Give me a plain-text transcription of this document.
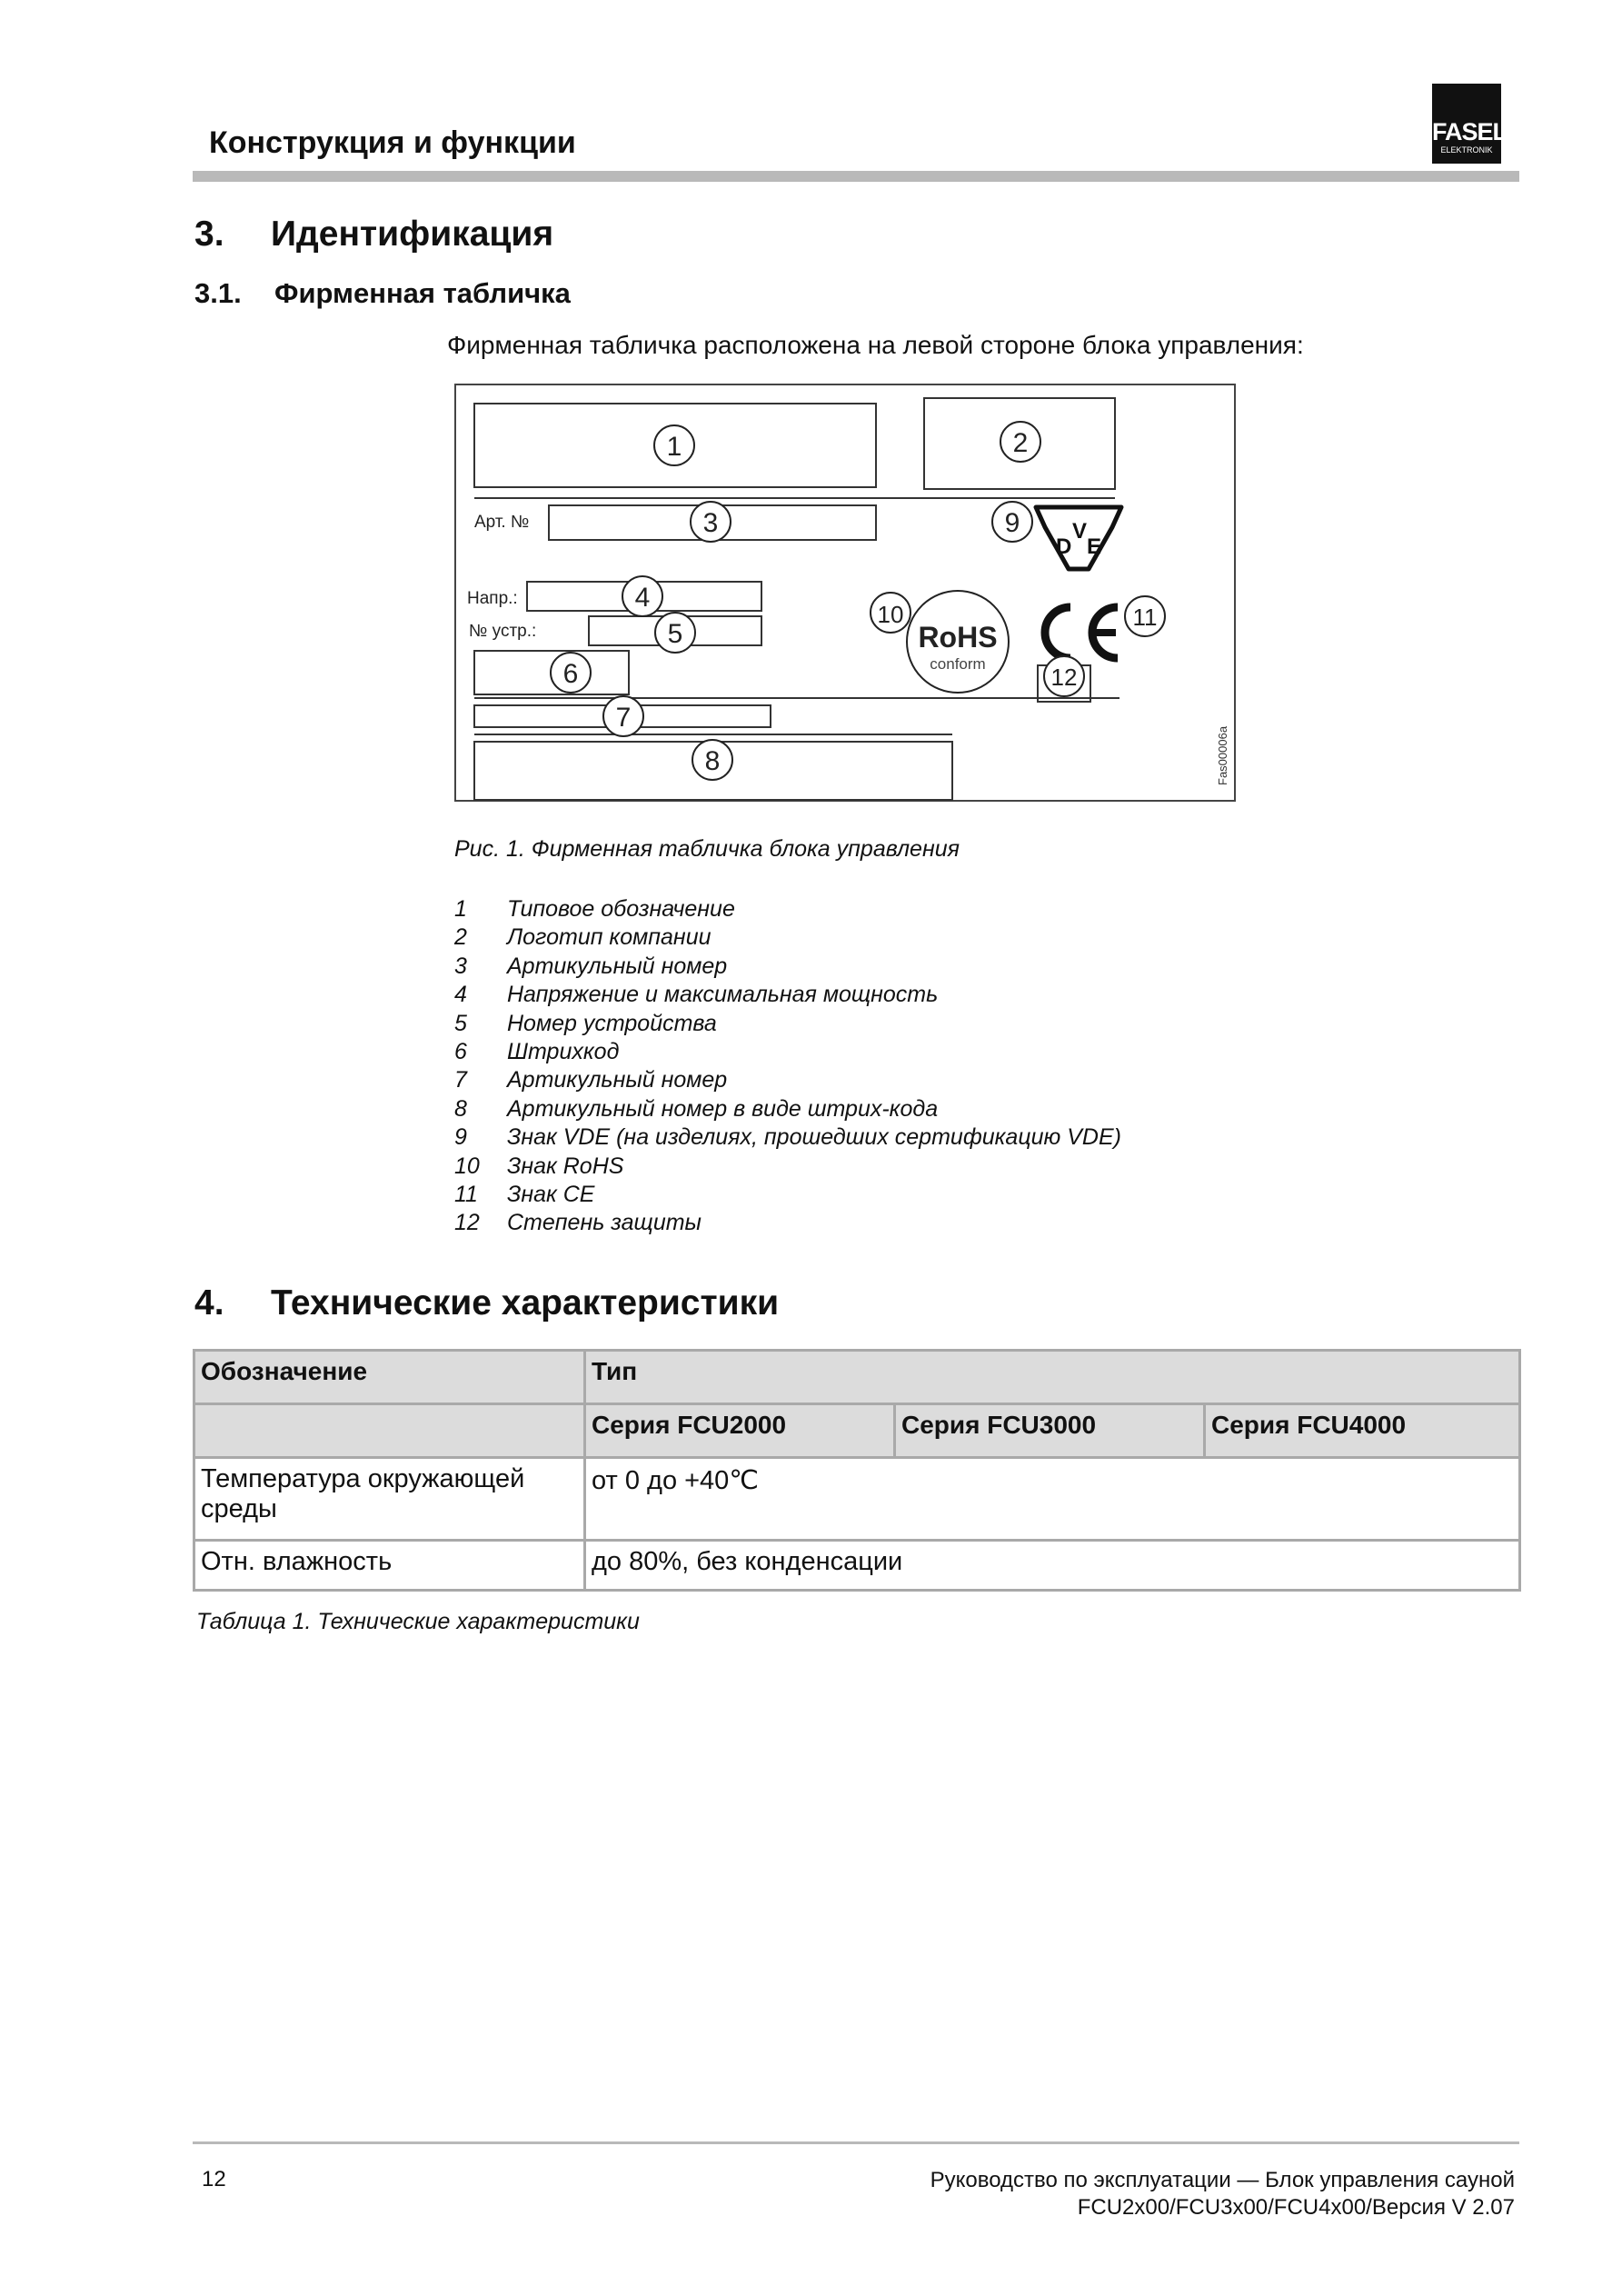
Конструкция и функции	FASEL
ELEKTRONIK
3. Идентификация
3.1. Фирменная табличка
Фирменная табличка расположена на левой стороне блока управления:
Арт. №
Напр.:
№ устр.:
D
V
E
RoHS
conform
Fas00006a
1	2
3
4
5
6
7
8
9
10	11
12
Рис. 1. Фирменная табличка блока управления
1	Типовое обозначение
2	Логотип компании
3	Артикульный номер
4	Напряжение и максимальная мощность
5	Номер устройства
6	Штрихкод
7	Артикульный номер
8	Артикульный номер в виде штрих-кода
9	Знак VDE (на изделиях, прошедших сертификацию VDE)
10	Знак RoHS
11	Знак CE
12	Степень защиты
4. Технические характеристики
Обозначение	Тип		
	Серия FCU2000	Серия FCU3000	Серия FCU4000
Температура окружающей среды	от 0 до +40℃		
Отн. влажность	до 80%, без конденсации		
Таблица 1. Технические характеристики
12	Руководство по эксплуатации — Блок управления сауной
FCU2x00/FCU3x00/FCU4x00/Версия V 2.07
